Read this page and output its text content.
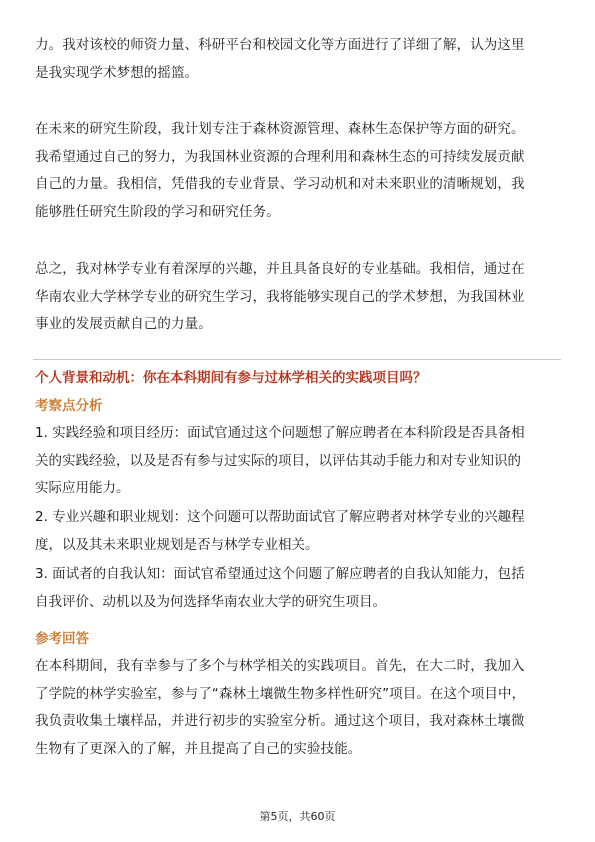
力。我对该校的师资力量、科研平台和校园文化等方面进行了详细了解，认为这里
是我实现学术梦想的摇篮。

在未来的研究生阶段，我计划专注于森林资源管理、森林生态保护等方面的研究。
我希望通过自己的努力，为我国林业资源的合理利用和森林生态的可持续发展贡献
自己的力量。我相信，凭借我的专业背景、学习动机和对未来职业的清晰规划，我
能够胜任研究生阶段的学习和研究任务。

总之，我对林学专业有着深厚的兴趣，并且具备良好的专业基础。我相信，通过在
华南农业大学林学专业的研究生学习，我将能够实现自己的学术梦想，为我国林业
事业的发展贡献自己的力量。

个人背景和动机：你在本科期间有参与过林学相关的实践项目吗？

考察点分析

1. 实践经验和项目经历：面试官通过这个问题想了解应聘者在本科阶段是否具备相
关的实践经验，以及是否有参与过实际的项目，以评估其动手能力和对专业知识的
实际应用能力。

2. 专业兴趣和职业规划：这个问题可以帮助面试官了解应聘者对林学专业的兴趣程
度，以及其未来职业规划是否与林学专业相关。

3. 面试者的自我认知：面试官希望通过这个问题了解应聘者的自我认知能力，包括
自我评价、动机以及为何选择华南农业大学的研究生项目。

参考回答

在本科期间，我有幸参与了多个与林学相关的实践项目。首先，在大二时，我加入
了学院的林学实验室，参与了“森林土壤微生物多样性研究”项目。在这个项目中，
我负责收集土壤样品，并进行初步的实验室分析。通过这个项目，我对森林土壤微
生物有了更深入的了解，并且提高了自己的实验技能。

第5页，共60页
